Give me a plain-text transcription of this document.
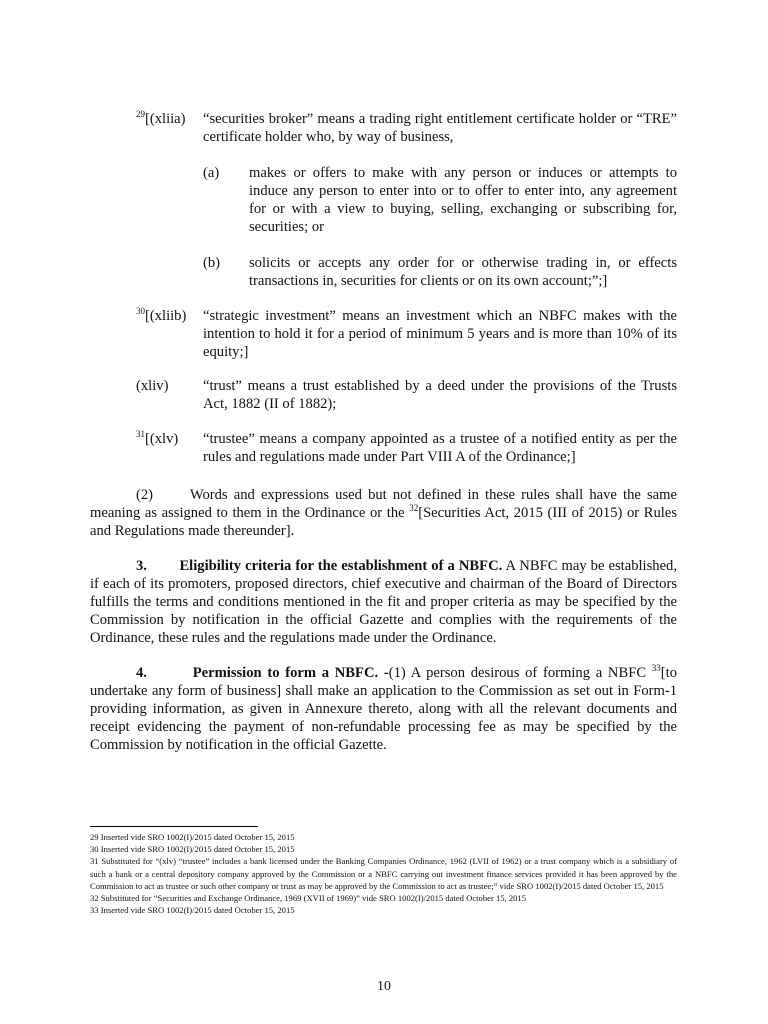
$^{29}$[(xliia) “securities broker” means a trading right entitlement certificate holder or “TRE” certificate holder who, by way of business,
(a) makes or offers to make with any person or induces or attempts to induce any person to enter into or to offer to enter into, any agreement for or with a view to buying, selling, exchanging or subscribing for, securities; or
(b) solicits or accepts any order for or otherwise trading in, or effects transactions in, securities for clients or on its own account;”;]
$^{30}$[(xliib) “strategic investment” means an investment which an NBFC makes with the intention to hold it for a period of minimum 5 years and is more than 10% of its equity;]
(xliv) “trust” means a trust established by a deed under the provisions of the Trusts Act, 1882 (II of 1882);
$^{31}$[(xlv) “trustee” means a company appointed as a trustee of a notified entity as per the rules and regulations made under Part VIII A of the Ordinance;]
(2)	Words and expressions used but not defined in these rules shall have the same meaning as assigned to them in the Ordinance or the $^{32}$[Securities Act, 2015 (III of 2015) or Rules and Regulations made thereunder].
3. Eligibility criteria for the establishment of a NBFC. A NBFC may be established, if each of its promoters, proposed directors, chief executive and chairman of the Board of Directors fulfills the terms and conditions mentioned in the fit and proper criteria as may be specified by the Commission by notification in the official Gazette and complies with the requirements of the Ordinance, these rules and the regulations made under the Ordinance.
4.	Permission to form a NBFC. -(1) A person desirous of forming a NBFC $^{33}$[to undertake any form of business] shall make an application to the Commission as set out in Form-1 providing information, as given in Annexure thereto, along with all the relevant documents and receipt evidencing the payment of non-refundable processing fee as may be specified by the Commission by notification in the official Gazette.
29 Inserted vide SRO 1002(I)/2015 dated October 15, 2015
30 Inserted vide SRO 1002(I)/2015 dated October 15, 2015
31 Substituted for “(xlv) “trustee” includes a bank licensed under the Banking Companies Ordinance, 1962 (LVII of 1962) or a trust company which is a subsidiary of such a bank or a central depository company approved by the Commission or a NBFC carrying out investment finance services provided it has been approved by the Commission to act as trustee or such other company or trust as may be approved by the Commission to act as trustee;” vide SRO 1002(I)/2015 dated October 15, 2015
32 Substituted for “Securities and Exchange Ordinance, 1969 (XVII of 1969)” vide SRO 1002(I)/2015 dated October 15, 2015
33 Inserted vide SRO 1002(I)/2015 dated October 15, 2015
10
